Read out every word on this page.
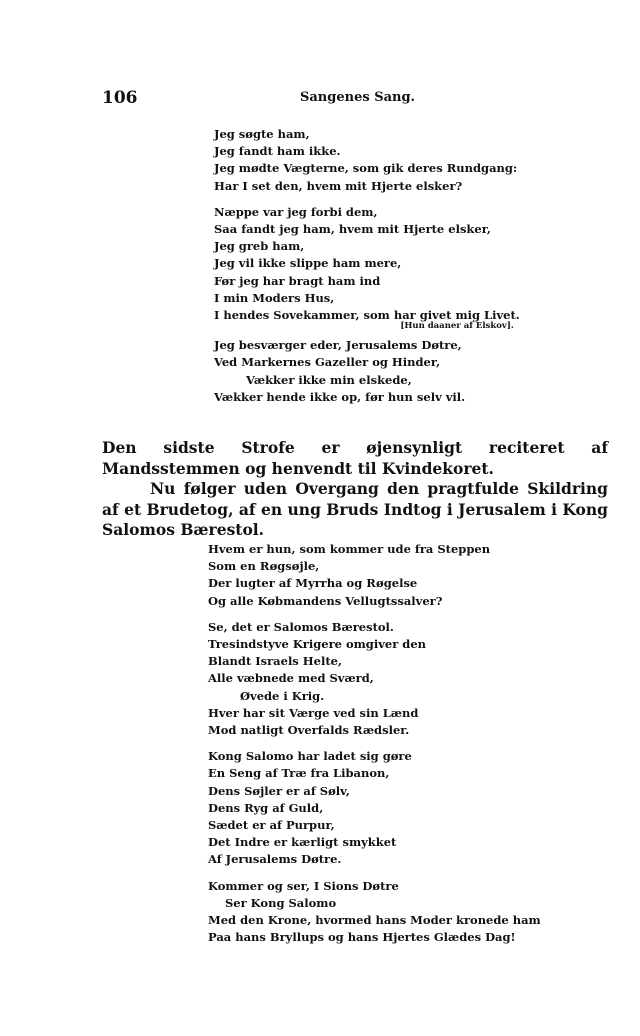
106	Sangenes Sang.
Jeg søgte ham,
Jeg fandt ham ikke.
Jeg mødte Vægterne, som gik deres Rundgang:
Har I set den, hvem mit Hjerte elsker?
Næppe var jeg forbi dem,
Saa fandt jeg ham, hvem mit Hjerte elsker,
Jeg greb ham,
Jeg vil ikke slippe ham mere,
Før jeg har bragt ham ind
I min Moders Hus,
I hendes Sovekammer, som har givet mig Livet.
[Hun daaner af Elskov].
Jeg besværger eder, Jerusalems Døtre,
Ved Markernes Gazeller og Hinder,
Vækker ikke min elskede,
Vækker hende ikke op, før hun selv vil.

Den sidste Strofe er øjensynligt reciteret af Mandsstemmen og henvendt til Kvindekoret.

Nu følger uden Overgang den pragtfulde Skildring af et Brudetog, af en ung Bruds Indtog i Jerusalem i Kong Salomos Bærestol.

Hvem er hun, som kommer ude fra Steppen
Som en Røgsøjle,
Der lugter af Myrrha og Røgelse
Og alle Købmandens Vellugtssalver?
Se, det er Salomos Bærestol.
Tresindstyve Krigere omgiver den
Blandt Israels Helte,
Alle væbnede med Sværd,
Øvede i Krig.
Hver har sit Værge ved sin Lænd
Mod natligt Overfalds Rædsler.
Kong Salomo har ladet sig gøre
En Seng af Træ fra Libanon,
Dens Søjler er af Sølv,
Dens Ryg af Guld,
Sædet er af Purpur,
Det Indre er kærligt smykket
Af Jerusalems Døtre.
Kommer og ser, I Sions Døtre
Ser Kong Salomo
Med den Krone, hvormed hans Moder kronede ham
Paa hans Bryllups og hans Hjertes Glædes Dag!
